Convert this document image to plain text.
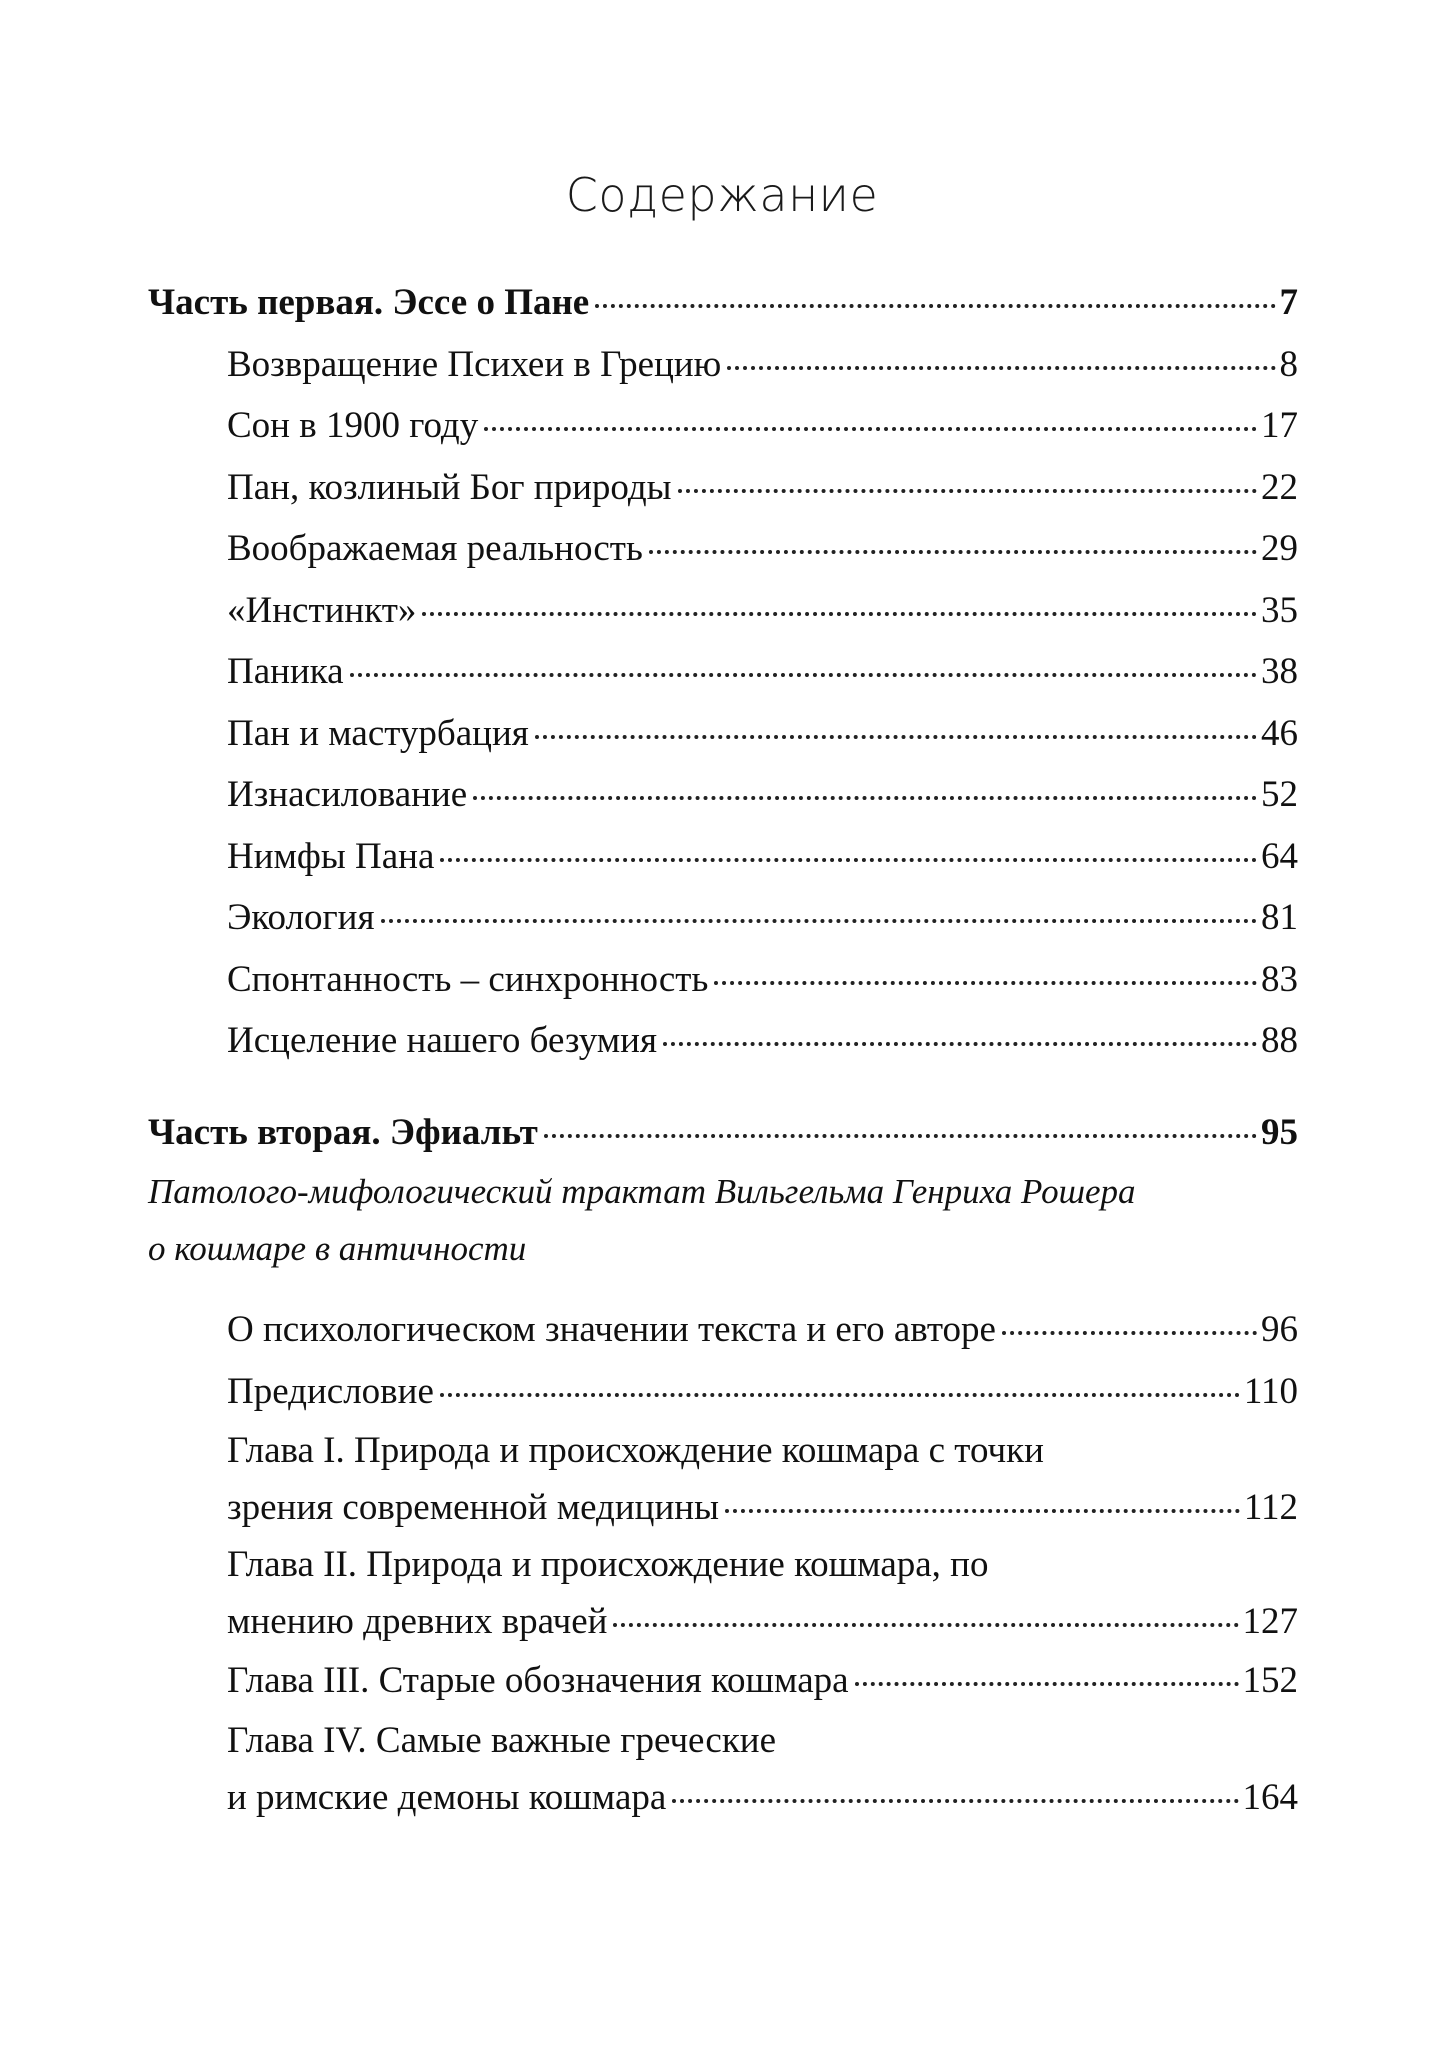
Содержание
Часть первая. Эссе о Пане	7
Возвращение Психеи в Грецию	8
Сон в 1900 году	17
Пан, козлиный Бог природы	22
Воображаемая реальность	29
«Инстинкт»	35
Паника	38
Пан и мастурбация	46
Изнасилование	52
Нимфы Пана	64
Экология	81
Спонтанность – синхронность	83
Исцеление нашего безумия	88
Часть вторая. Эфиальт	95
Патолого-мифологический трактат Вильгельма Генриха Рошера
о кошмаре в античности
О психологическом значении текста и его авторе	96
Предисловие	110
Глава I. Природа и происхождение кошмара с точки
зрения современной медицины	112
Глава II. Природа и происхождение кошмара, по
мнению древних врачей	127
Глава III. Старые обозначения кошмара	152
Глава IV. Самые важные греческие
и римские демоны кошмара	164
